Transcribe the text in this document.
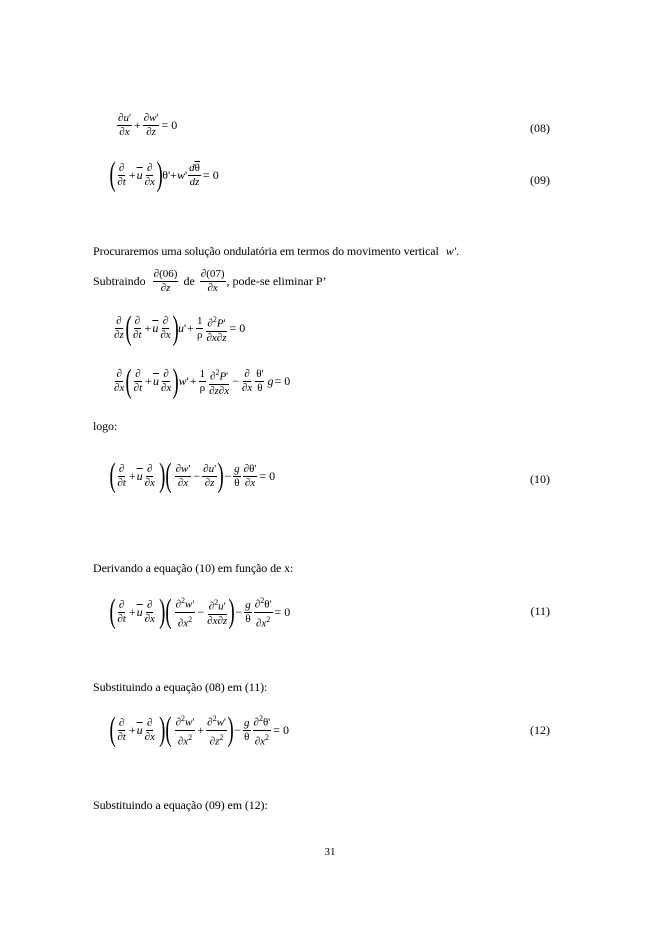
$\frac{\partial u'}{\partial x} + \frac{\partial w'}{\partial z} = 0$	(08)
( $\frac{\partial}{\partial t} + \overline{u} \frac{\partial}{\partial x}$ ) θ'+ w ' $\frac{d\overline{\theta}}{dz} = 0$	(09)
Procuraremos uma solução ondulatória em termos do movimento vertical w'.
Subtraindo $\frac{\partial(06)}{\partial z}$ de $\frac{\partial(07)}{\partial x}$ , pode-se eliminar P’
$\frac{\partial}{\partial z}$ ( $\frac{\partial}{\partial t} + \overline{u} \frac{\partial}{\partial x}$ ) u ' + $\frac{1}{\rho} \frac{\partial^2P'}{\partial x\partial z} = 0$
$\frac{\partial}{\partial x}$ ( $\frac{\partial}{\partial t} + \overline{u} \frac{\partial}{\partial x}$ ) w ' + $\frac{1}{\rho} \frac{\partial^2P'}{\partial z\partial x} - \frac{\partial}{\partial x} \frac{\theta'}{\theta}$ g = 0
logo:
( $\frac{\partial}{\partial t} + \overline{u} \frac{\partial}{\partial x}$ )( $\frac{\partial w'}{\partial x} - \frac{\partial u'}{\partial z}$ ) − $\frac{g}{\theta} \frac{\partial\theta'}{\partial x} = 0$	(10)
Derivando a equação (10) em função de x:
( $\frac{\partial}{\partial t} + \overline{u} \frac{\partial}{\partial x}$ )( $\frac{\partial^2w'}{\partial x^2} - \frac{\partial^2u'}{\partial x\partial z}$ ) − $\frac{g}{\theta} \frac{\partial^2\theta'}{\partial x^2} = 0$	(11)
Substituindo a equação (08) em (11):
( $\frac{\partial}{\partial t} + \overline{u} \frac{\partial}{\partial x}$ )( $\frac{\partial^2w'}{\partial x^2} + \frac{\partial^2w'}{\partial z^2}$ ) − $\frac{g}{\theta} \frac{\partial^2\theta'}{\partial x^2} = 0$	(12)
Substituindo a equação (09) em (12):
31
